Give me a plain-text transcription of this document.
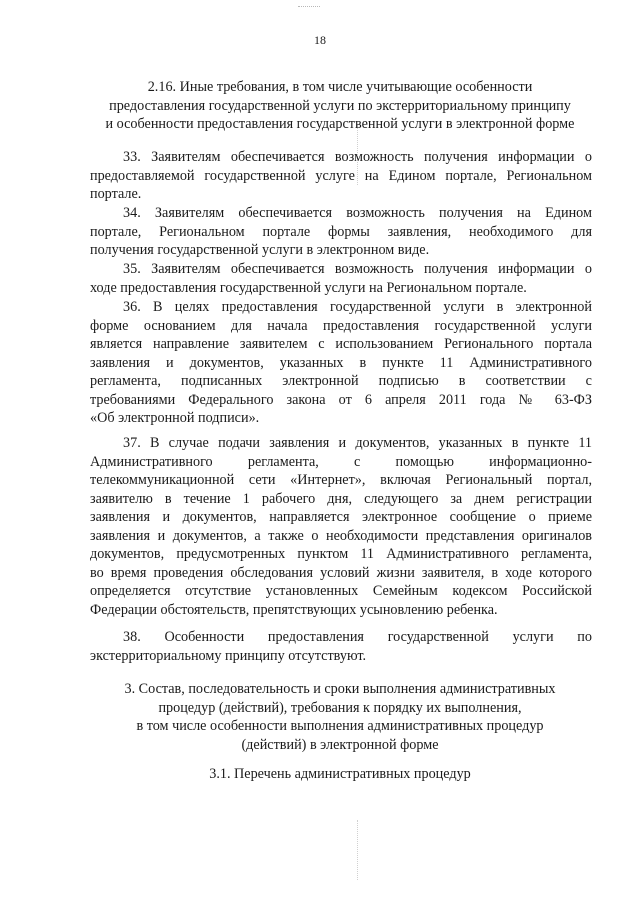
18
2.16. Иные требования, в том числе учитывающие особенности
предоставления государственной услуги по экстерриториальному принципу
и особенности предоставления государственной услуги в электронной форме
33. Заявителям обеспечивается возможность получения информации о
предоставляемой государственной услуге на Едином портале, Региональном
портале.
34. Заявителям обеспечивается возможность получения на Едином
портале, Региональном портале формы заявления, необходимого для
получения государственной услуги в электронном виде.
35. Заявителям обеспечивается возможность получения информации о
ходе предоставления государственной услуги на Региональном портале.
36. В целях предоставления государственной услуги в электронной
форме основанием для начала предоставления государственной услуги
является направление заявителем с использованием Регионального портала
заявления и документов, указанных в пункте 11 Административного
регламента, подписанных электронной подписью в соответствии с
требованиями Федерального закона от 6 апреля 2011 года № 63-ФЗ
«Об электронной подписи».
37. В случае подачи заявления и документов, указанных в пункте 11
Административного регламента, с помощью информационно-
телекоммуникационной сети «Интернет», включая Региональный портал,
заявителю в течение 1 рабочего дня, следующего за днем регистрации
заявления и документов, направляется электронное сообщение о приеме
заявления и документов, а также о необходимости представления оригиналов
документов, предусмотренных пунктом 11 Административного регламента,
во время проведения обследования условий жизни заявителя, в ходе которого
определяется отсутствие установленных Семейным кодексом Российской
Федерации обстоятельств, препятствующих усыновлению ребенка.
38. Особенности предоставления государственной услуги по
экстерриториальному принципу отсутствуют.
3. Состав, последовательность и сроки выполнения административных
процедур (действий), требования к порядку их выполнения,
в том числе особенности выполнения административных процедур
(действий) в электронной форме
3.1. Перечень административных процедур
